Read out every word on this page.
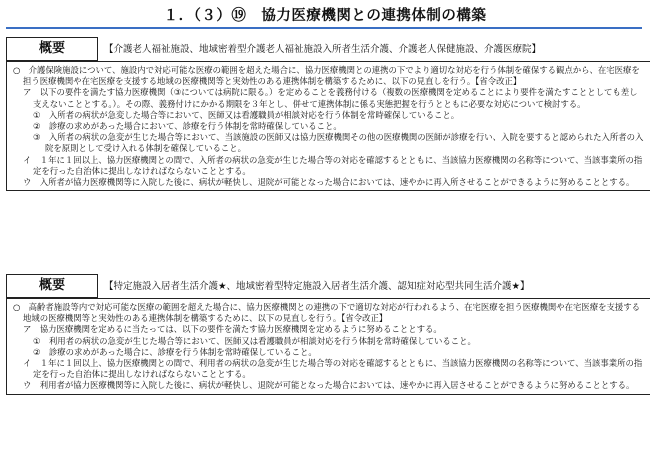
１．（３）⑲　協力医療機関との連携体制の構築
概要	【介護老人福祉施設、地域密着型介護老人福祉施設入所者生活介護、介護老人保健施設、介護医療院】

○　介護保険施設について、施設内で対応可能な医療の範囲を超えた場合に、協力医療機関との連携の下でより適切な対応を行う体制を確保する観点から、在宅医療を担う医療機関や在宅医療を支援する地域の医療機関等と実効性のある連携体制を構築するために、以下の見直しを行う。【省令改正】

ア　以下の要件を満たす協力医療機関（③については病院に限る。）を定めることを義務付ける（複数の医療機関を定めることにより要件を満たすこととしても差し支えないこととする。）。その際、義務付けにかかる期限を３年とし、併せて連携体制に係る実態把握を行うとともに必要な対応について検討する。

①　入所者の病状が急変した場合等において、医師又は看護職員が相談対応を行う体制を常時確保していること。

②　診療の求めがあった場合において、診療を行う体制を常時確保していること。

③　入所者の病状の急変が生じた場合等において、当該施設の医師又は協力医療機関その他の医療機関の医師が診療を行い、入院を要すると認められた入所者の入院を原則として受け入れる体制を確保していること。

イ　１年に１回以上、協力医療機関との間で、入所者の病状の急変が生じた場合等の対応を確認するとともに、当該協力医療機関の名称等について、当該事業所の指定を行った自治体に提出しなければならないこととする。

ウ　入所者が協力医療機関等に入院した後に、病状が軽快し、退院が可能となった場合においては、速やかに再入所させることができるように努めることとする。

概要	【特定施設入居者生活介護★、地域密着型特定施設入居者生活介護、認知症対応型共同生活介護★】

○　高齢者施設等内で対応可能な医療の範囲を超えた場合に、協力医療機関との連携の下で適切な対応が行われるよう、在宅医療を担う医療機関や在宅医療を支援する地域の医療機関等と実効性のある連携体制を構築するために、以下の見直しを行う。【省令改正】

ア　協力医療機関を定めるに当たっては、以下の要件を満たす協力医療機関を定めるように努めることとする。

①　利用者の病状の急変が生じた場合等において、医師又は看護職員が相談対応を行う体制を常時確保していること。

②　診療の求めがあった場合に、診療を行う体制を常時確保していること。

イ　１年に１回以上、協力医療機関との間で、利用者の病状の急変が生じた場合等の対応を確認するとともに、当該協力医療機関の名称等について、当該事業所の指定を行った自治体に提出しなければならないこととする。

ウ　利用者が協力医療機関等に入院した後に、病状が軽快し、退院が可能となった場合においては、速やかに再入居させることができるように努めることとする。
